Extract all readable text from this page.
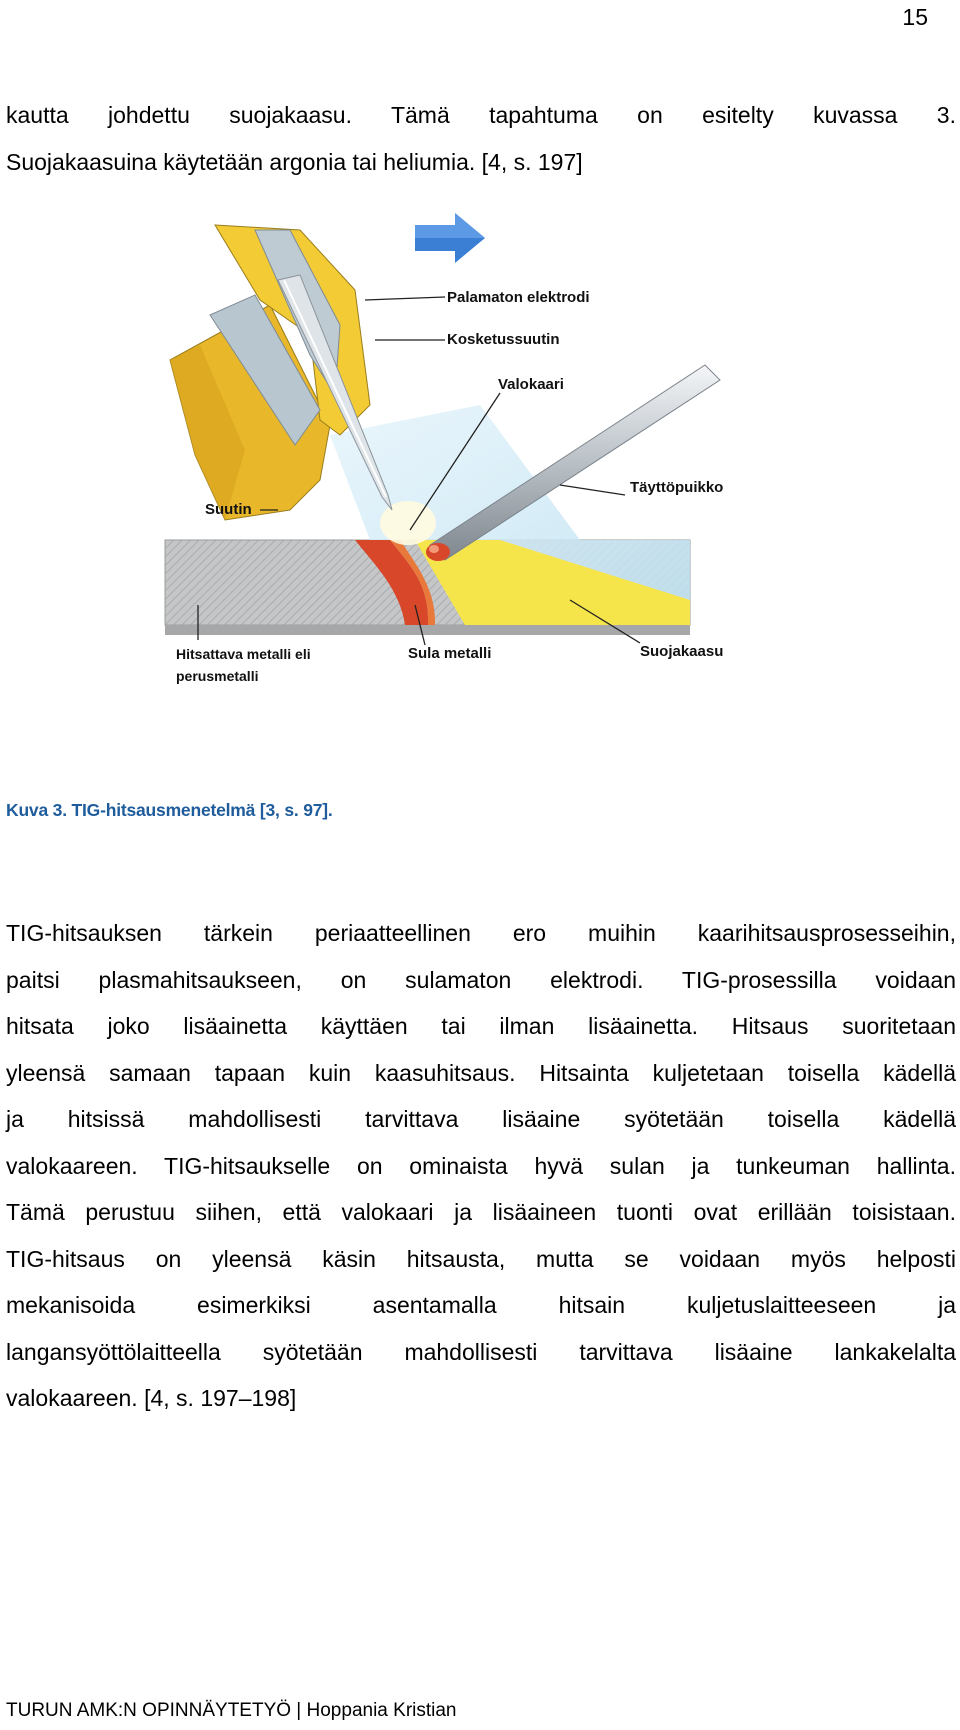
15
kautta johdettu suojakaasu. Tämä tapahtuma on esitelty kuvassa 3.
Suojakaasuina käytetään argonia tai heliumia. [4, s. 197]
Palamaton elektrodi
Kosketussuutin
Valokaari
Täyttöpuikko
Suutin
Hitsattava metalli eli
perusmetalli
Sula metalli	Suojakaasu
Kuva 3. TIG-hitsausmenetelmä [3, s. 97].
TIG-hitsauksen tärkein periaatteellinen ero muihin kaarihitsausprosesseihin,
paitsi plasmahitsaukseen, on sulamaton elektrodi. TIG-prosessilla voidaan
hitsata joko lisäainetta käyttäen tai ilman lisäainetta. Hitsaus suoritetaan
yleensä samaan tapaan kuin kaasuhitsaus. Hitsainta kuljetetaan toisella kädellä
ja hitsissä mahdollisesti tarvittava lisäaine syötetään toisella kädellä
valokaareen. TIG-hitsaukselle on ominaista hyvä sulan ja tunkeuman hallinta.
Tämä perustuu siihen, että valokaari ja lisäaineen tuonti ovat erillään toisistaan.
TIG-hitsaus on yleensä käsin hitsausta, mutta se voidaan myös helposti
mekanisoida esimerkiksi asentamalla hitsain kuljetuslaitteeseen ja
langansyöttölaitteella syötetään mahdollisesti tarvittava lisäaine lankakelalta
valokaareen. [4, s. 197–198]
TURUN AMK:N OPINNÄYTETYÖ | Hoppania Kristian
